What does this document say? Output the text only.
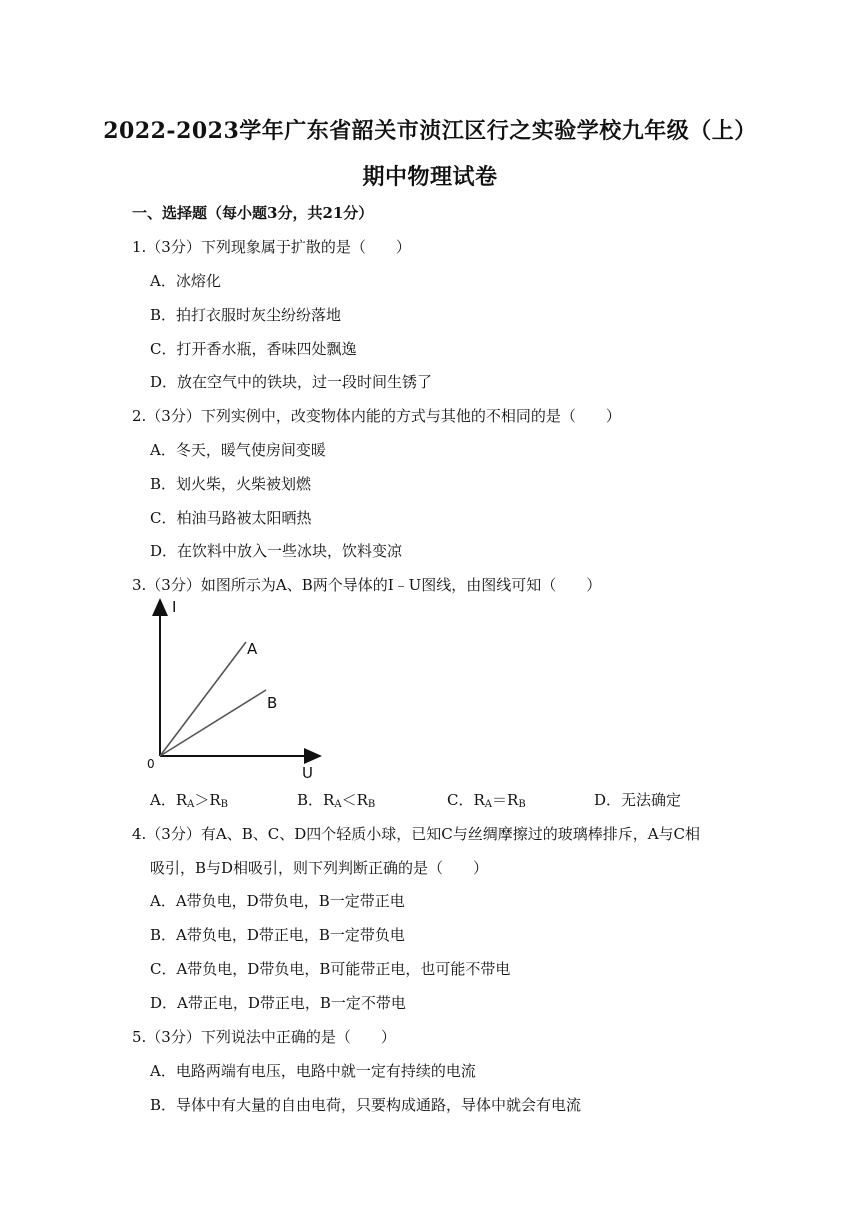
2022-2023学年广东省韶关市浈江区行之实验学校九年级（上）
期中物理试卷
一、选择题（每小题3分，共21分）
1.（3分）下列现象属于扩散的是（　　）
A．冰熔化
B．拍打衣服时灰尘纷纷落地
C．打开香水瓶，香味四处飘逸
D．放在空气中的铁块，过一段时间生锈了
2.（3分）下列实例中，改变物体内能的方式与其他的不相同的是（　　）
A．冬天，暖气使房间变暖
B．划火柴，火柴被划燃
C．柏油马路被太阳晒热
D．在饮料中放入一些冰块，饮料变凉
3.（3分）如图所示为A、B两个导体的I﹣U图线，由图线可知（　　）
I
U
0
A
B
A．$R_A>R_B$	B．$R_A<R_B$	C．$R_A=R_B$	D．无法确定
4.（3分）有A、B、C、D四个轻质小球，已知C与丝绸摩擦过的玻璃棒排斥，A与C相
吸引，B与D相吸引，则下列判断正确的是（　　）
A．A带负电，D带负电，B一定带正电
B．A带负电，D带正电，B一定带负电
C．A带负电，D带负电，B可能带正电，也可能不带电
D．A带正电，D带正电，B一定不带电
5.（3分）下列说法中正确的是（　　）
A．电路两端有电压，电路中就一定有持续的电流
B．导体中有大量的自由电荷，只要构成通路，导体中就会有电流
